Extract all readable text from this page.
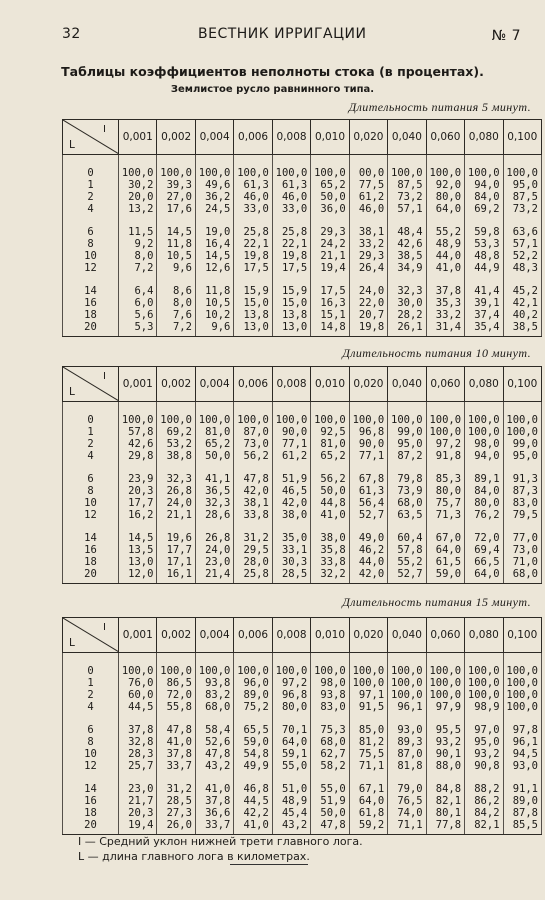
32	ВЕСТНИК ИРРИГАЦИИ	№ 7
Таблицы коэффициентов неполноты стока (в процентах).
Землистое русло равнинного типа.
Длительность питания 5 минут.
I
L	0,001	0,002	0,004	0,006	0,008	0,010	0,020	0,040	0,060	0,080	0,100
0	100,0	100,0	100,0	100,0	100,0	100,0	00,0	100,0	100,0	100,0	100,0
1	30,2	39,3	49,6	61,3	61,3	65,2	77,5	87,5	92,0	94,0	95,0
2	20,0	27,0	36,2	46,0	46,0	50,0	61,2	73,2	80,0	84,0	87,5
4	13,2	17,6	24,5	33,0	33,0	36,0	46,0	57,1	64,0	69,2	73,2

6	11,5	14,5	19,0	25,8	25,8	29,3	38,1	48,4	55,2	59,8	63,6
8	9,2	11,8	16,4	22,1	22,1	24,2	33,2	42,6	48,9	53,3	57,1
10	8,0	10,5	14,5	19,8	19,8	21,1	29,3	38,5	44,0	48,8	52,2
12	7,2	9,6	12,6	17,5	17,5	19,4	26,4	34,9	41,0	44,9	48,3

14	6,4	8,6	11,8	15,9	15,9	17,5	24,0	32,3	37,8	41,4	45,2
16	6,0	8,0	10,5	15,0	15,0	16,3	22,0	30,0	35,3	39,1	42,1
18	5,6	7,6	10,2	13,8	13,8	15,1	20,7	28,2	33,2	37,4	40,2
20	5,3	7,2	9,6	13,0	13,0	14,8	19,8	26,1	31,4	35,4	38,5
Длительность питания 10 минут.
I
L	0,001	0,002	0,004	0,006	0,008	0,010	0,020	0,040	0,060	0,080	0,100
0	100,0	100,0	100,0	100,0	100,0	100,0	100,0	100,0	100,0	100,0	100,0
1	57,8	69,2	81,0	87,0	90,0	92,5	96,8	99,0	100,0	100,0	100,0
2	42,6	53,2	65,2	73,0	77,1	81,0	90,0	95,0	97,2	98,0	99,0
4	29,8	38,8	50,0	56,2	61,2	65,2	77,1	87,2	91,8	94,0	95,0

6	23,9	32,3	41,1	47,8	51,9	56,2	67,8	79,8	85,3	89,1	91,3
8	20,3	26,8	36,5	42,0	46,5	50,0	61,3	73,9	80,0	84,0	87,3
10	17,7	24,0	32,3	38,1	42,0	44,8	56,4	68,0	75,7	80,0	83,0
12	16,2	21,1	28,6	33,8	38,0	41,0	52,7	63,5	71,3	76,2	79,5

14	14,5	19,6	26,8	31,2	35,0	38,0	49,0	60,4	67,0	72,0	77,0
16	13,5	17,7	24,0	29,5	33,1	35,8	46,2	57,8	64,0	69,4	73,0
18	13,0	17,1	23,0	28,0	30,3	33,8	44,0	55,2	61,5	66,5	71,0
20	12,0	16,1	21,4	25,8	28,5	32,2	42,0	52,7	59,0	64,0	68,0
Длительность питания 15 минут.
I
L	0,001	0,002	0,004	0,006	0,008	0,010	0,020	0,040	0,060	0,080	0,100
0	100,0	100,0	100,0	100,0	100,0	100,0	100,0	100,0	100,0	100,0	100,0
1	76,0	86,5	93,8	96,0	97,2	98,0	100,0	100,0	100,0	100,0	100,0
2	60,0	72,0	83,2	89,0	96,8	93,8	97,1	100,0	100,0	100,0	100,0
4	44,5	55,8	68,0	75,2	80,0	83,0	91,5	96,1	97,9	98,9	100,0

6	37,8	47,8	58,4	65,5	70,1	75,3	85,0	93,0	95,5	97,0	97,8
8	32,8	41,0	52,6	59,0	64,0	68,0	81,2	89,3	93,2	95,0	96,1
10	28,3	37,8	47,8	54,8	59,1	62,7	75,5	87,0	90,1	93,2	94,5
12	25,7	33,7	43,2	49,9	55,0	58,2	71,1	81,8	88,0	90,8	93,0

14	23,0	31,2	41,0	46,8	51,0	55,0	67,1	79,0	84,8	88,2	91,1
16	21,7	28,5	37,8	44,5	48,9	51,9	64,0	76,5	82,1	86,2	89,0
18	20,3	27,3	36,6	42,2	45,4	50,0	61,8	74,0	80,1	84,2	87,8
20	19,4	26,0	33,7	41,0	43,2	47,8	59,2	71,1	77,8	82,1	85,5
I — Средний уклон нижней трети главного лога.
L — длина главного лога в километрах.
